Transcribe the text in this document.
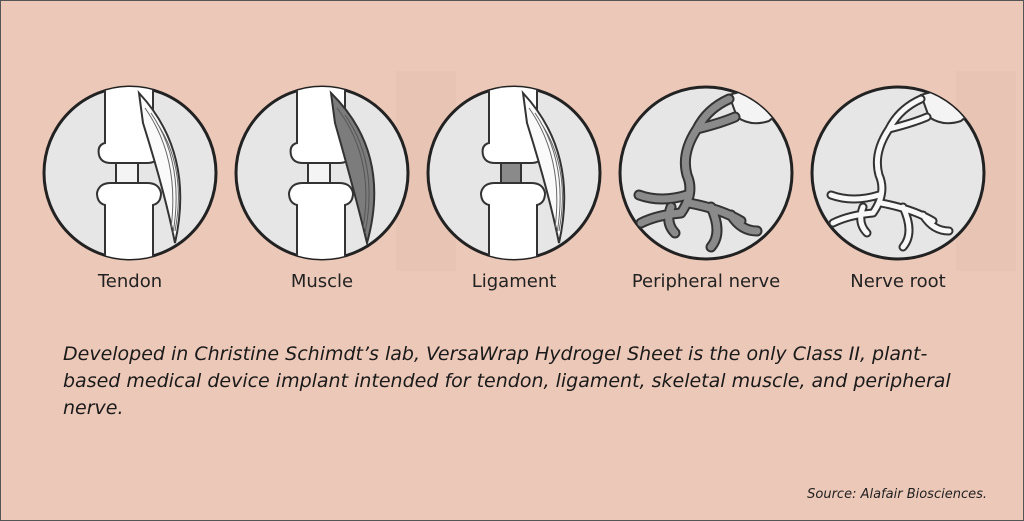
Tendon	Muscle	Ligament	Peripheral nerve	Nerve root
Developed in Christine Schimdt’s lab, VersaWrap Hydrogel Sheet is the only Class II, plant-based medical device implant intended for tendon, ligament, skeletal muscle, and peripheral nerve.
Source: Alafair Biosciences.
